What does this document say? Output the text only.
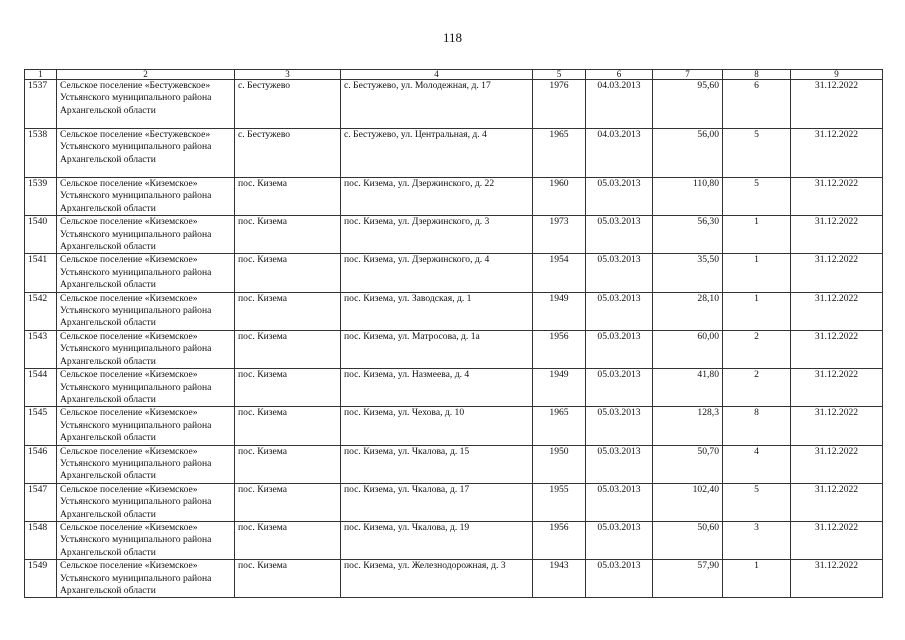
118
1	2	3	4	5	6	7	8	9
1537	Сельское поселение «Бестужевское» Устьянского муниципального района Архангельской области	с. Бестужево	с. Бестужево, ул. Молодежная, д. 17	1976	04.03.2013	95,60	6	31.12.2022
1538	Сельское поселение «Бестужевское» Устьянского муниципального района Архангельской области	с. Бестужево	с. Бестужево, ул. Центральная, д. 4	1965	04.03.2013	56,00	5	31.12.2022
1539	Сельское поселение «Киземское» Устьянского муниципального района Архангельской области	пос. Кизема	пос. Кизема, ул. Дзержинского, д. 22	1960	05.03.2013	110,80	5	31.12.2022
1540	Сельское поселение «Киземское» Устьянского муниципального района Архангельской области	пос. Кизема	пос. Кизема, ул. Дзержинского, д. 3	1973	05.03.2013	56,30	1	31.12.2022
1541	Сельское поселение «Киземское» Устьянского муниципального района Архангельской области	пос. Кизема	пос. Кизема, ул. Дзержинского, д. 4	1954	05.03.2013	35,50	1	31.12.2022
1542	Сельское поселение «Киземское» Устьянского муниципального района Архангельской области	пос. Кизема	пос. Кизема, ул. Заводская, д. 1	1949	05.03.2013	28,10	1	31.12.2022
1543	Сельское поселение «Киземское» Устьянского муниципального района Архангельской области	пос. Кизема	пос. Кизема, ул. Матросова, д. 1а	1956	05.03.2013	60,00	2	31.12.2022
1544	Сельское поселение «Киземское» Устьянского муниципального района Архангельской области	пос. Кизема	пос. Кизема, ул. Назмеева, д. 4	1949	05.03.2013	41,80	2	31.12.2022
1545	Сельское поселение «Киземское» Устьянского муниципального района Архангельской области	пос. Кизема	пос. Кизема, ул. Чехова, д. 10	1965	05.03.2013	128,3	8	31.12.2022
1546	Сельское поселение «Киземское» Устьянского муниципального района Архангельской области	пос. Кизема	пос. Кизема, ул. Чкалова, д. 15	1950	05.03.2013	50,70	4	31.12.2022
1547	Сельское поселение «Киземское» Устьянского муниципального района Архангельской области	пос. Кизема	пос. Кизема, ул. Чкалова, д. 17	1955	05.03.2013	102,40	5	31.12.2022
1548	Сельское поселение «Киземское» Устьянского муниципального района Архангельской области	пос. Кизема	пос. Кизема, ул. Чкалова, д. 19	1956	05.03.2013	50,60	3	31.12.2022
1549	Сельское поселение «Киземское» Устьянского муниципального района Архангельской области	пос. Кизема	пос. Кизема, ул. Железнодорожная, д. 3	1943	05.03.2013	57,90	1	31.12.2022
